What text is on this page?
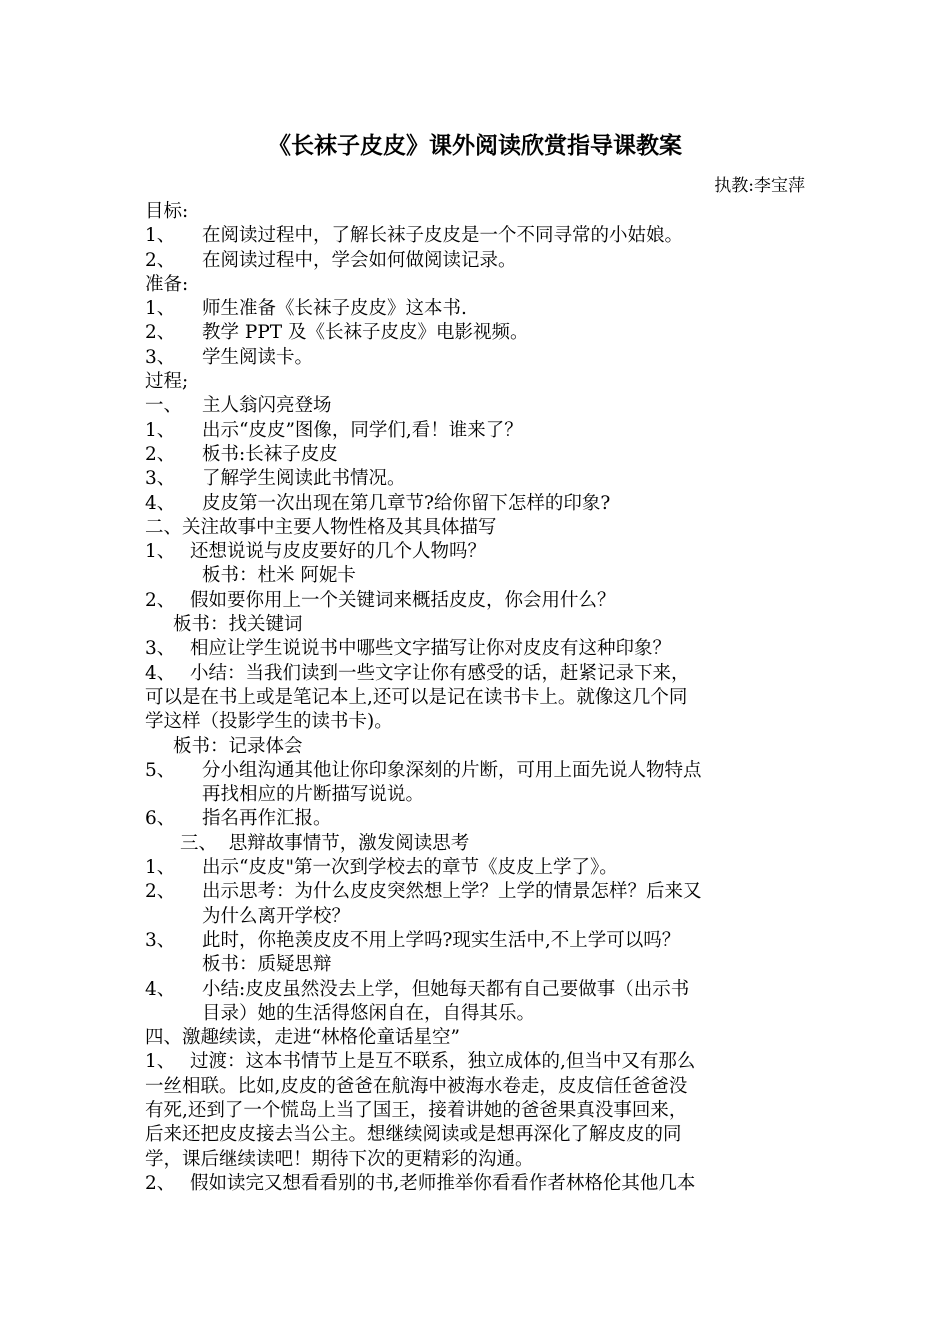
《长袜子皮皮》课外阅读欣赏指导课教案
执教:李宝萍
目标:
1、 在阅读过程中，了解长袜子皮皮是一个不同寻常的小姑娘。
2、 在阅读过程中，学会如何做阅读记录。
准备:
1、 师生准备《长袜子皮皮》这本书.
2、 教学 PPT 及《长袜子皮皮》电影视频。
3、 学生阅读卡。
过程;
一、 主人翁闪亮登场
1、 出示“皮皮”图像，同学们,看！谁来了？
2、 板书:长袜子皮皮
3、 了解学生阅读此书情况。
4、 皮皮第一次出现在第几章节?给你留下怎样的印象?
二、关注故事中主要人物性格及其具体描写
1、 还想说说与皮皮要好的几个人物吗？
板书：杜米 阿妮卡
2、 假如要你用上一个关键词来概括皮皮，你会用什么？
板书：找关键词
3、 相应让学生说说书中哪些文字描写让你对皮皮有这种印象？
4、 小结：当我们读到一些文字让你有感受的话，赶紧记录下来，
可以是在书上或是笔记本上,还可以是记在读书卡上。就像这几个同
学这样（投影学生的读书卡)。
板书：记录体会
5、 分小组沟通其他让你印象深刻的片断，可用上面先说人物特点
再找相应的片断描写说说。
6、 指名再作汇报。
三、 思辩故事情节，激发阅读思考
1、 出示“皮皮"第一次到学校去的章节《皮皮上学了》。
2、 出示思考：为什么皮皮突然想上学？上学的情景怎样？后来又
为什么离开学校？
3、 此时，你艳羡皮皮不用上学吗?现实生活中,不上学可以吗？
板书：质疑思辩
4、 小结:皮皮虽然没去上学，但她每天都有自己要做事（出示书
目录）她的生活得悠闲自在，自得其乐。
四、激趣续读，走进“林格伦童话星空”
1、 过渡：这本书情节上是互不联系，独立成体的,但当中又有那么
一丝相联。比如,皮皮的爸爸在航海中被海水卷走，皮皮信任爸爸没
有死,还到了一个慌岛上当了国王，接着讲她的爸爸果真没事回来，
后来还把皮皮接去当公主。想继续阅读或是想再深化了解皮皮的同
学，课后继续读吧！期待下次的更精彩的沟通。
2、 假如读完又想看看别的书,老师推举你看看作者林格伦其他几本
